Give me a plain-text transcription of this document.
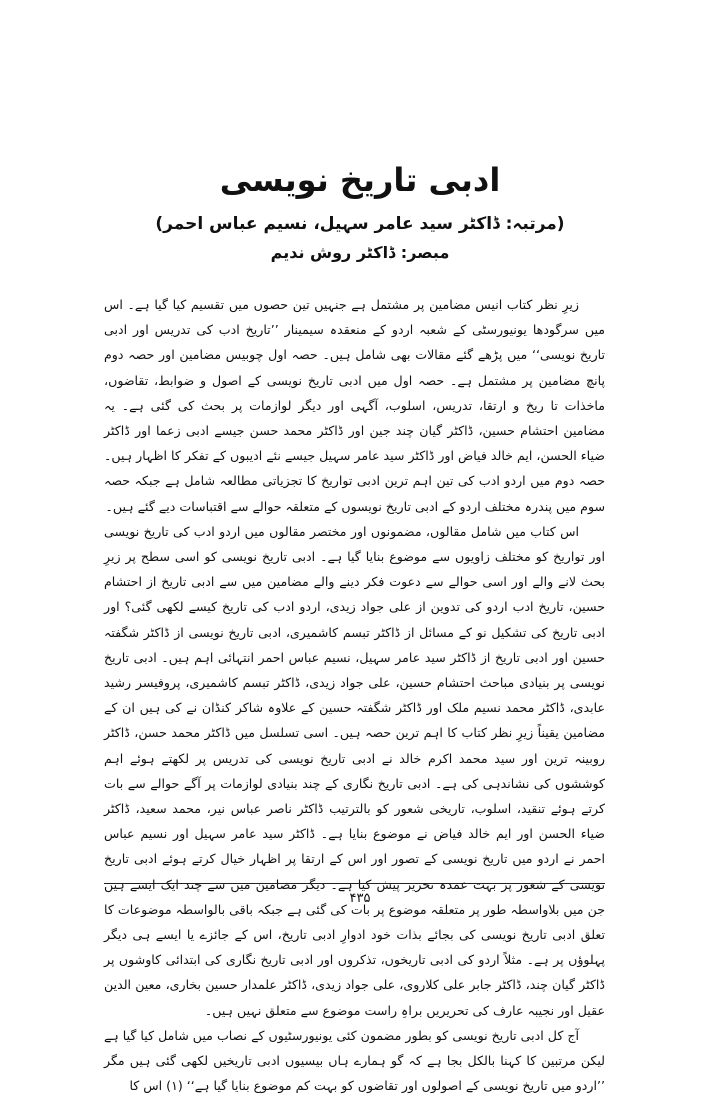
ادبی تاریخ نویسی
(مرتبہ: ڈاکٹر سید عامر سہیل، نسیم عباس احمر)
مبصر: ڈاکٹر روش ندیم

زیرِ نظر کتاب انیس مضامین پر مشتمل ہے جنہیں تین حصوں میں تقسیم کیا گیا ہے۔ اس میں سرگودھا یونیورسٹی کے شعبہ اردو کے منعقدہ سیمینار ’’تاریخ ادب کی تدریس اور ادبی تاریخ نویسی‘‘ میں پڑھے گئے مقالات بھی شامل ہیں۔ حصہ اول چوبیس مضامین اور حصہ دوم پانچ مضامین پر مشتمل ہے۔ حصہ اول میں ادبی تاریخ نویسی کے اصول و ضوابط، تقاضوں، ماخذات تا ریخ و ارتقا، تدریس، اسلوب، آگہی اور دیگر لوازمات پر بحث کی گئی ہے۔ یہ مضامین احتشام حسین، ڈاکٹر گیان چند جین اور ڈاکٹر محمد حسن جیسے ادبی زعما اور ڈاکٹر ضیاء الحسن، ایم خالد فیاض اور ڈاکٹر سید عامر سہیل جیسے نئے ادیبوں کے تفکر کا اظہار ہیں۔ حصہ دوم میں اردو ادب کی تین اہم ترین ادبی تواریخ کا تجزیاتی مطالعہ شامل ہے جبکہ حصہ سوم میں پندرہ مختلف اردو کے ادبی تاریخ نویسوں کے متعلقہ حوالے سے اقتباسات دیے گئے ہیں۔

اس کتاب میں شامل مقالوں، مضمونوں اور مختصر مقالوں میں اردو ادب کی تاریخ نویسی اور تواریخ کو مختلف زاویوں سے موضوع بنایا گیا ہے۔ ادبی تاریخ نویسی کو اسی سطح پر زیرِ بحث لانے والے اور اسی حوالے سے دعوت فکر دینے والے مضامین میں سے ادبی تاریخ از احتشام حسین، تاریخ ادب اردو کی تدوین از علی جواد زیدی، اردو ادب کی تاریخ کیسے لکھی گئی؟ اور ادبی تاریخ کی تشکیل نو کے مسائل از ڈاکٹر تبسم کاشمیری، ادبی تاریخ نویسی از ڈاکٹر شگفتہ حسین اور ادبی تاریخ از ڈاکٹر سید عامر سہیل، نسیم عباس احمر انتہائی اہم ہیں۔ ادبی تاریخ نویسی پر بنیادی مباحث احتشام حسین، علی جواد زیدی، ڈاکٹر تبسم کاشمیری، پروفیسر رشید عابدی، ڈاکٹر محمد نسیم ملک اور ڈاکٹر شگفتہ حسین کے علاوہ شاکر کنڈان نے کی ہیں ان کے مضامین یقیناً زیرِ نظر کتاب کا اہم ترین حصہ ہیں۔ اسی تسلسل میں ڈاکٹر محمد حسن، ڈاکٹر روبینہ ترین اور سید محمد اکرم خالد نے ادبی تاریخ نویسی کی تدریس پر لکھتے ہوئے اہم کوششوں کی نشاندہی کی ہے۔ ادبی تاریخ نگاری کے چند بنیادی لوازمات پر آگے حوالے سے بات کرتے ہوئے تنقید، اسلوب، تاریخی شعور کو بالترتیب ڈاکٹر ناصر عباس نیر، محمد سعید، ڈاکٹر ضیاء الحسن اور ایم خالد فیاض نے موضوع بنایا ہے۔ ڈاکٹر سید عامر سہیل اور نسیم عباس احمر نے اردو میں تاریخ نویسی کے تصور اور اس کے ارتقا پر اظہار خیال کرتے ہوئے ادبی تاریخ نویسی کے شعور پر بہت عمدہ تحریر پیش کیا ہے۔ دیگر مضامین میں سے چند ایک ایسے ہیں جن میں بلاواسطہ طور پر متعلقہ موضوع پر بات کی گئی ہے جبکہ باقی بالواسطہ موضوعات کا تعلق ادبی تاریخ نویسی کی بجائے بذات خود ادوارِ ادبی تاریخ، اس کے جائزے یا ایسے ہی دیگر پہلوؤں پر ہے۔ مثلاً اردو کی ادبی تاریخوں، تذکروں اور ادبی تاریخ نگاری کی ابتدائی کاوشوں پر ڈاکٹر گیان چند، ڈاکٹر جابر علی کلاروی، علی جواد زیدی، ڈاکٹر علمدار حسین بخاری، معین الدین عقیل اور نجیبہ عارف کی تحریریں براہِ راست موضوع سے متعلق نہیں ہیں۔

آج کل ادبی تاریخ نویسی کو بطور مضمون کئی یونیورسٹیوں کے نصاب میں شامل کیا گیا ہے لیکن مرتبین کا کہنا بالکل بجا ہے کہ گو ہمارے ہاں بیسیوں ادبی تاریخیں لکھی گئی ہیں مگر ’’اردو میں تاریخ نویسی کے اصولوں اور تقاضوں کو بہت کم موضوع بنایا گیا ہے‘‘ (۱) اس کا

۴۳۵
